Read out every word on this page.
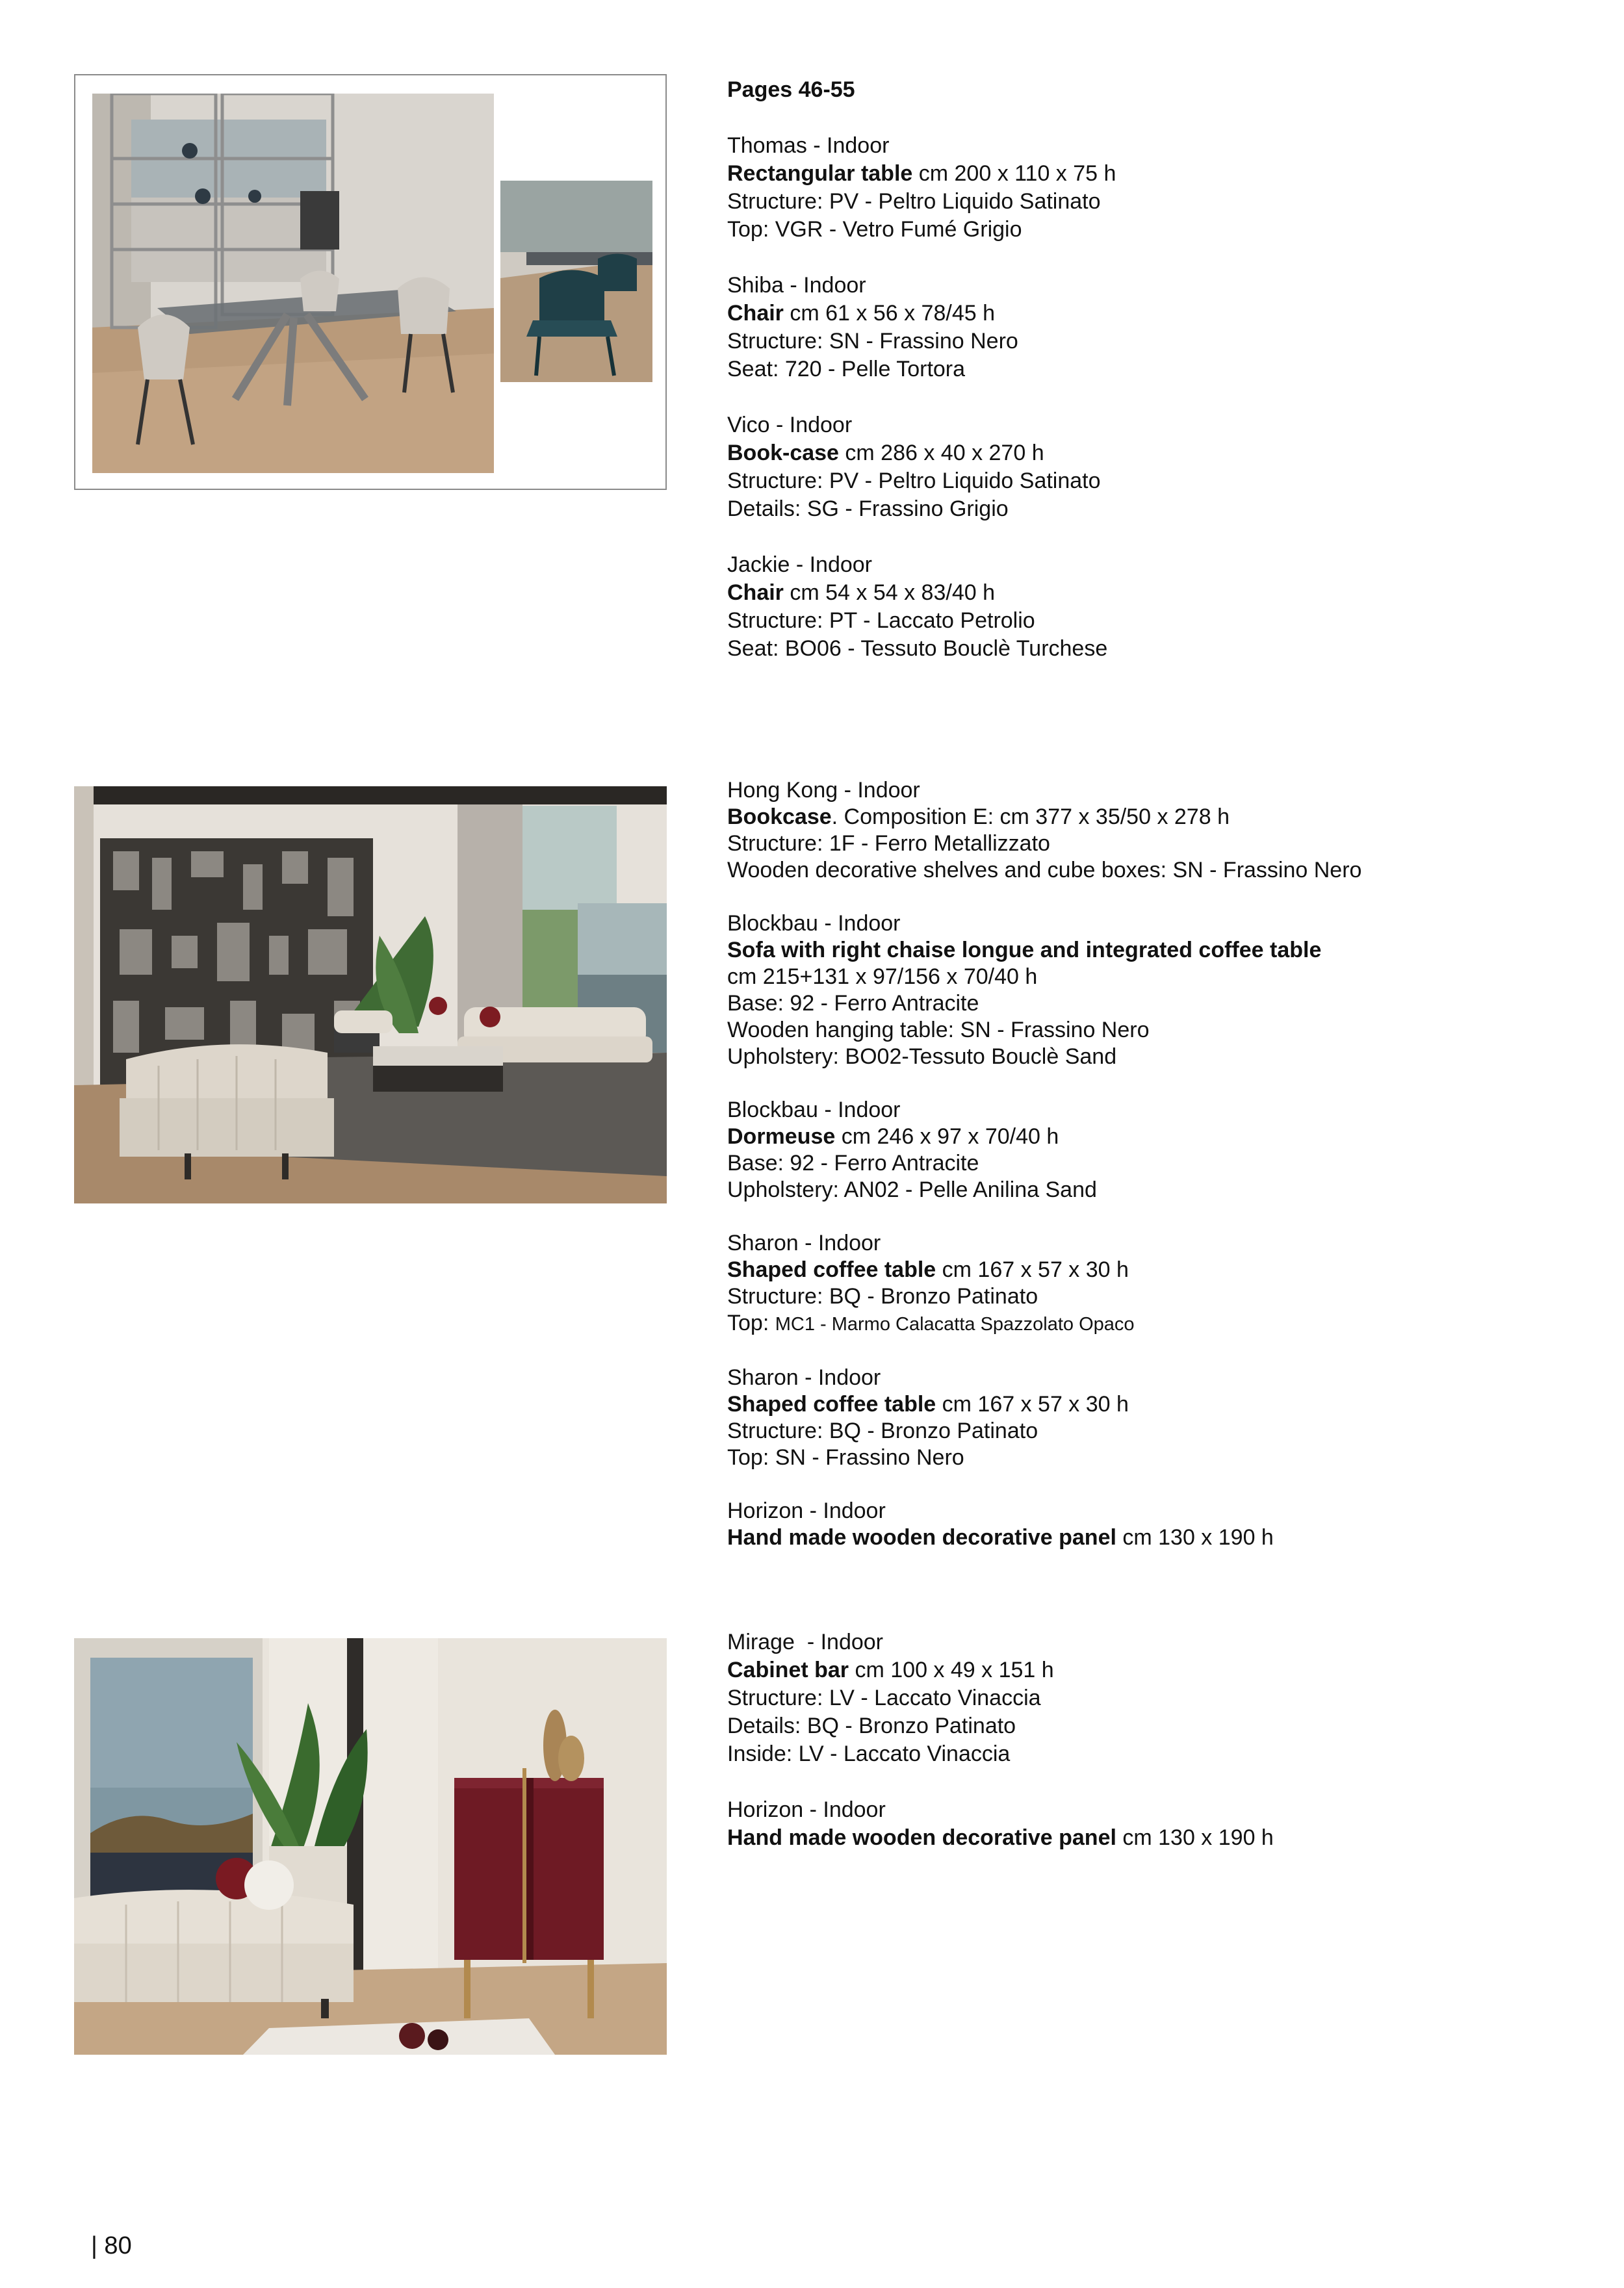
Pages 46-55
Thomas - Indoor
Rectangular table cm 200 x 110 x 75 h
Structure: PV - Peltro Liquido Satinato
Top: VGR - Vetro Fumé Grigio
Shiba - Indoor
Chair cm 61 x 56 x 78/45 h
Structure: SN - Frassino Nero
Seat: 720 - Pelle Tortora
Vico - Indoor
Book-case cm 286 x 40 x 270 h
Structure: PV - Peltro Liquido Satinato
Details: SG - Frassino Grigio
Jackie - Indoor
Chair cm 54 x 54 x 83/40 h
Structure: PT - Laccato Petrolio
Seat: BO06 - Tessuto Bouclè Turchese
Hong Kong - Indoor
Bookcase. Composition E: cm 377 x 35/50 x 278 h
Structure: 1F - Ferro Metallizzato
Wooden decorative shelves and cube boxes: SN - Frassino Nero
Blockbau - Indoor
Sofa with right chaise longue and integrated coffee table
cm 215+131 x 97/156 x 70/40 h
Base: 92 - Ferro Antracite
Wooden hanging table: SN - Frassino Nero
Upholstery: BO02-Tessuto Bouclè Sand
Blockbau - Indoor
Dormeuse cm 246 x 97 x 70/40 h
Base: 92 - Ferro Antracite
Upholstery: AN02 - Pelle Anilina Sand
Sharon - Indoor
Shaped coffee table cm 167 x 57 x 30 h
Structure: BQ - Bronzo Patinato
Top: MC1 - Marmo Calacatta Spazzolato Opaco
Sharon - Indoor
Shaped coffee table cm 167 x 57 x 30 h
Structure: BQ - Bronzo Patinato
Top: SN - Frassino Nero
Horizon - Indoor
Hand made wooden decorative panel cm 130 x 190 h
Mirage  - Indoor
Cabinet bar cm 100 x 49 x 151 h
Structure: LV - Laccato Vinaccia
Details: BQ - Bronzo Patinato
Inside: LV - Laccato Vinaccia
Horizon - Indoor
Hand made wooden decorative panel cm 130 x 190 h
| 80
